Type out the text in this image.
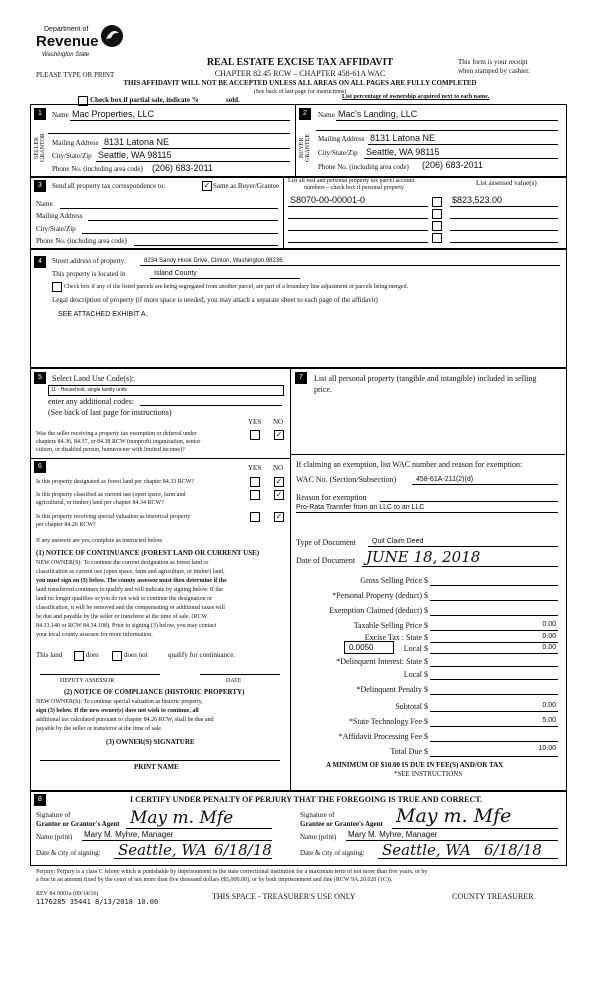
Department of
Revenue
Washington State
REAL ESTATE EXCISE TAX AFFIDAVIT
CHAPTER 82.45 RCW – CHAPTER 458-61A WAC
This form is your receipt
when stamped by cashier.
PLEASE TYPE OR PRINT
THIS AFFIDAVIT WILL NOT BE ACCEPTED UNLESS ALL AREAS ON ALL PAGES ARE FULLY COMPLETED
(See back of last page for instructions)
Check box if partial sale, indicate %	sold.	List percentage of ownership acquired next to each name.
1
SELLER GRANTOR
Name Mac Properties, LLC
Mailing Address 8131 Latona NE
City/State/Zip Seattle, WA 98115
Phone No. (including area code) (206) 683-2011
2
BUYER GRANTEE
Name Mac's Landing, LLC
Mailing Address 8131 Latona NE
City/State/Zip Seattle, WA 98115
Phone No. (including area code) (206) 683-2011
3	Send all property tax correspondence to:	✓ Same as Buyer/Grantee
Name
Mailing Address
City/State/Zip
Phone No. (including area code)
List all real and personal property tax parcel account
numbers – check box if personal property
List assessed value(s)
S8070-00-00001-0	$823,523.00
4	Street address of property:	8234 Sandy Hook Drive, Clinton, Washington 98236
This property is located in	Island County
Check box if any of the listed parcels are being segregated from another parcel, are part of a boundary line adjustment or parcels being merged.
Legal description of property (if more space is needed, you may attach a separate sheet to each page of the affidavit)
SEE ATTACHED EXHIBIT A.
5	Select Land Use Code(s):
11 - Household, single family units
enter any additional codes:
(See back of last page for instructions)
YES NO
Was the seller receiving a property tax exemption or deferral under
chapters 84.36, 84.37, or 84.38 RCW (nonprofit organization, senior
citizen, or disabled person, homeowner with limited income)?
✓
6	YES NO
Is this property designated as forest land per chapter 84.33 RCW?	✓
Is this property classified as current use (open space, farm and
agricultural, or timber) land per chapter 84.34 RCW?
✓
Is this property receiving special valuation as historical property
per chapter 84.26 RCW?
✓
If any answers are yes, complete as instructed below.
(1) NOTICE OF CONTINUANCE (FOREST LAND OR CURRENT USE)
NEW OWNER(S): To continue the current designation as forest land or
classification as current use (open space, farm and agriculture, or timber) land,
you must sign on (3) below. The county assessor must then determine if the
land transferred continues to qualify and will indicate by signing below. If the
land no longer qualifies or you do not wish to continue the designation or
classification, it will be removed and the compensating or additional taxes will
be due and payable by the seller or transferor at the time of sale. (RCW
84.33.140 or RCW 84.34.108). Prior to signing (3) below, you may contact
your local county assessor for more information.
This land	does	does not	qualify for continuance.
DEPUTY ASSESSOR	DATE
(2) NOTICE OF COMPLIANCE (HISTORIC PROPERTY)
NEW OWNER(S): To continue special valuation as historic property,
sign (3) below. If the new owner(s) does not wish to continue, all
additional tax calculated pursuant to chapter 84.26 RCW, shall be due and
payable by the seller or transferor at the time of sale.
(3) OWNER(S) SIGNATURE
PRINT NAME
7	List all personal property (tangible and intangible) included in selling
price.
If claiming an exemption, list WAC number and reason for exemption:
WAC No. (Section/Subsection)	458-61A-211(2)(d)
Reason for exemption
Pro-Rata Transfer from an LLC to an LLC
Type of Document Quit Claim Deed
Date of Document JUNE 18, 2018
Gross Selling Price $
*Personal Property (deduct) $
Exemption Claimed (deduct) $
Taxable Selling Price $	0.00
Excise Tax : State $	0.00
0.0050	Local $	0.00
*Delinquent Interest: State $
Local $
*Delinquent Penalty $
Subtotal $	0.00
*State Technology Fee $	5.00
*Affidavit Processing Fee $
Total Due $	10.00
A MINIMUM OF $10.00 IS DUE IN FEE(S) AND/OR TAX
*SEE INSTRUCTIONS
8	I CERTIFY UNDER PENALTY OF PERJURY THAT THE FOREGOING IS TRUE AND CORRECT.
Signature of
Grantor or Grantor's Agent May m. Mfe
Name (print) Mary M. Myhre, Manager
Date & city of signing: Seattle, WA 6/18/18
Signature of
Grantee or Grantee's Agent May m. Mfe
Name (print) Mary M. Myhre, Manager
Date & city of signing: Seattle, WA 6/18/18
Perjury: Perjury is a class C felony which is punishable by imprisonment in the state correctional institution for a maximum term of not more than five years, or by
a fine in an amount fixed by the court of not more than five thousand dollars ($5,000.00), or by both imprisonment and fine (RCW 9A.20.020 (1C)).
REV 84 0001a (09/14/16)
1176285 35441 8/13/2018 10.00
THIS SPACE - TREASURER'S USE ONLY	COUNTY TREASURER
